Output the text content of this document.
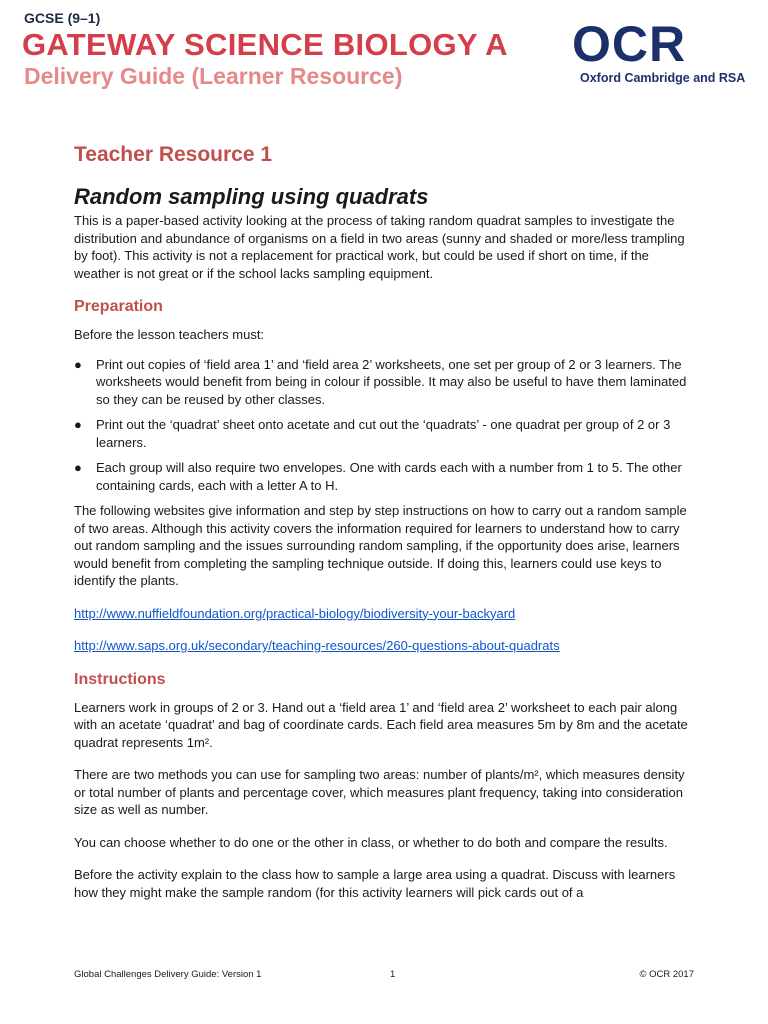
GCSE (9–1)
GATEWAY SCIENCE BIOLOGY A
Delivery Guide (Learner Resource)
OCR
Oxford Cambridge and RSA
Teacher Resource 1
Random sampling using quadrats

This is a paper-based activity looking at the process of taking random quadrat samples to investigate the distribution and abundance of organisms on a field in two areas (sunny and shaded or more/less trampling by foot). This activity is not a replacement for practical work, but could be used if short on time, if the weather is not great or if the school lacks sampling equipment.

Preparation

Before the lesson teachers must:

● Print out copies of ‘field area 1’ and ‘field area 2’ worksheets, one set per group of 2 or 3 learners. The worksheets would benefit from being in colour if possible. It may also be useful to have them laminated so they can be reused by other classes.
● Print out the ‘quadrat’ sheet onto acetate and cut out the ‘quadrats’ - one quadrat per group of 2 or 3 learners.
● Each group will also require two envelopes. One with cards each with a number from 1 to 5. The other containing cards, each with a letter A to H.

The following websites give information and step by step instructions on how to carry out a random sample of two areas. Although this activity covers the information required for learners to understand how to carry out random sampling and the issues surrounding random sampling, if the opportunity does arise, learners would benefit from completing the sampling technique outside. If doing this, learners could use keys to identify the plants.

http://www.nuffieldfoundation.org/practical-biology/biodiversity-your-backyard
http://www.saps.org.uk/secondary/teaching-resources/260-questions-about-quadrats
Instructions

Learners work in groups of 2 or 3. Hand out a ‘field area 1’ and ‘field area 2’ worksheet to each pair along with an acetate ‘quadrat’ and bag of coordinate cards. Each field area measures 5m by 8m and the acetate quadrat represents 1m².

There are two methods you can use for sampling two areas: number of plants/m², which measures density or total number of plants and percentage cover, which measures plant frequency, taking into consideration size as well as number.

You can choose whether to do one or the other in class, or whether to do both and compare the results.

Before the activity explain to the class how to sample a large area using a quadrat. Discuss with learners how they might make the sample random (for this activity learners will pick cards out of a

Global Challenges Delivery Guide: Version 1	1	© OCR 2017
